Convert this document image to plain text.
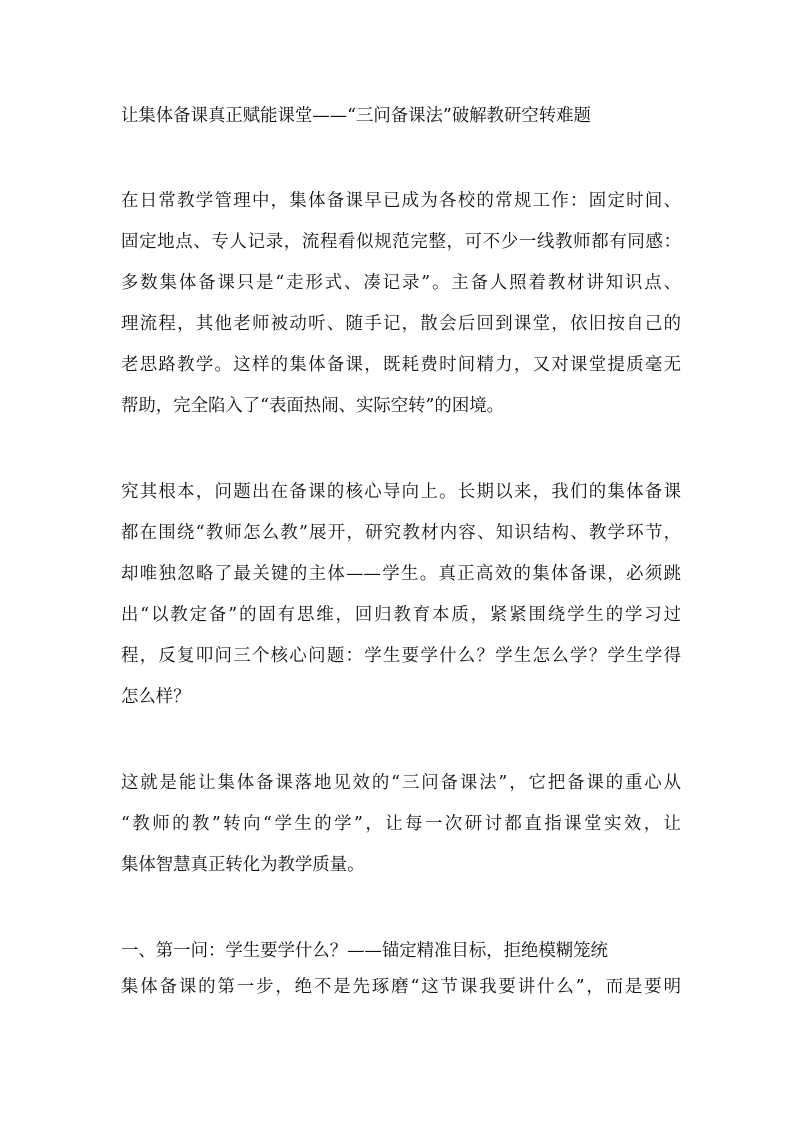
让集体备课真正赋能课堂——“三问备课法”破解教研空转难题
在日常教学管理中，集体备课早已成为各校的常规工作：固定时间、
固定地点、专人记录，流程看似规范完整，可不少一线教师都有同感：
多数集体备课只是“走形式、凑记录”。主备人照着教材讲知识点、
理流程，其他老师被动听、随手记，散会后回到课堂，依旧按自己的
老思路教学。这样的集体备课，既耗费时间精力，又对课堂提质毫无
帮助，完全陷入了“表面热闹、实际空转”的困境。
究其根本，问题出在备课的核心导向上。长期以来，我们的集体备课
都在围绕“教师怎么教”展开，研究教材内容、知识结构、教学环节，
却唯独忽略了最关键的主体——学生。真正高效的集体备课，必须跳
出“以教定备”的固有思维，回归教育本质，紧紧围绕学生的学习过
程，反复叩问三个核心问题：学生要学什么？学生怎么学？学生学得
怎么样？
这就是能让集体备课落地见效的“三问备课法”，它把备课的重心从
“教师的教”转向“学生的学”，让每一次研讨都直指课堂实效，让
集体智慧真正转化为教学质量。
一、第一问：学生要学什么？——锚定精准目标，拒绝模糊笼统
集体备课的第一步，绝不是先琢磨“这节课我要讲什么”，而是要明
